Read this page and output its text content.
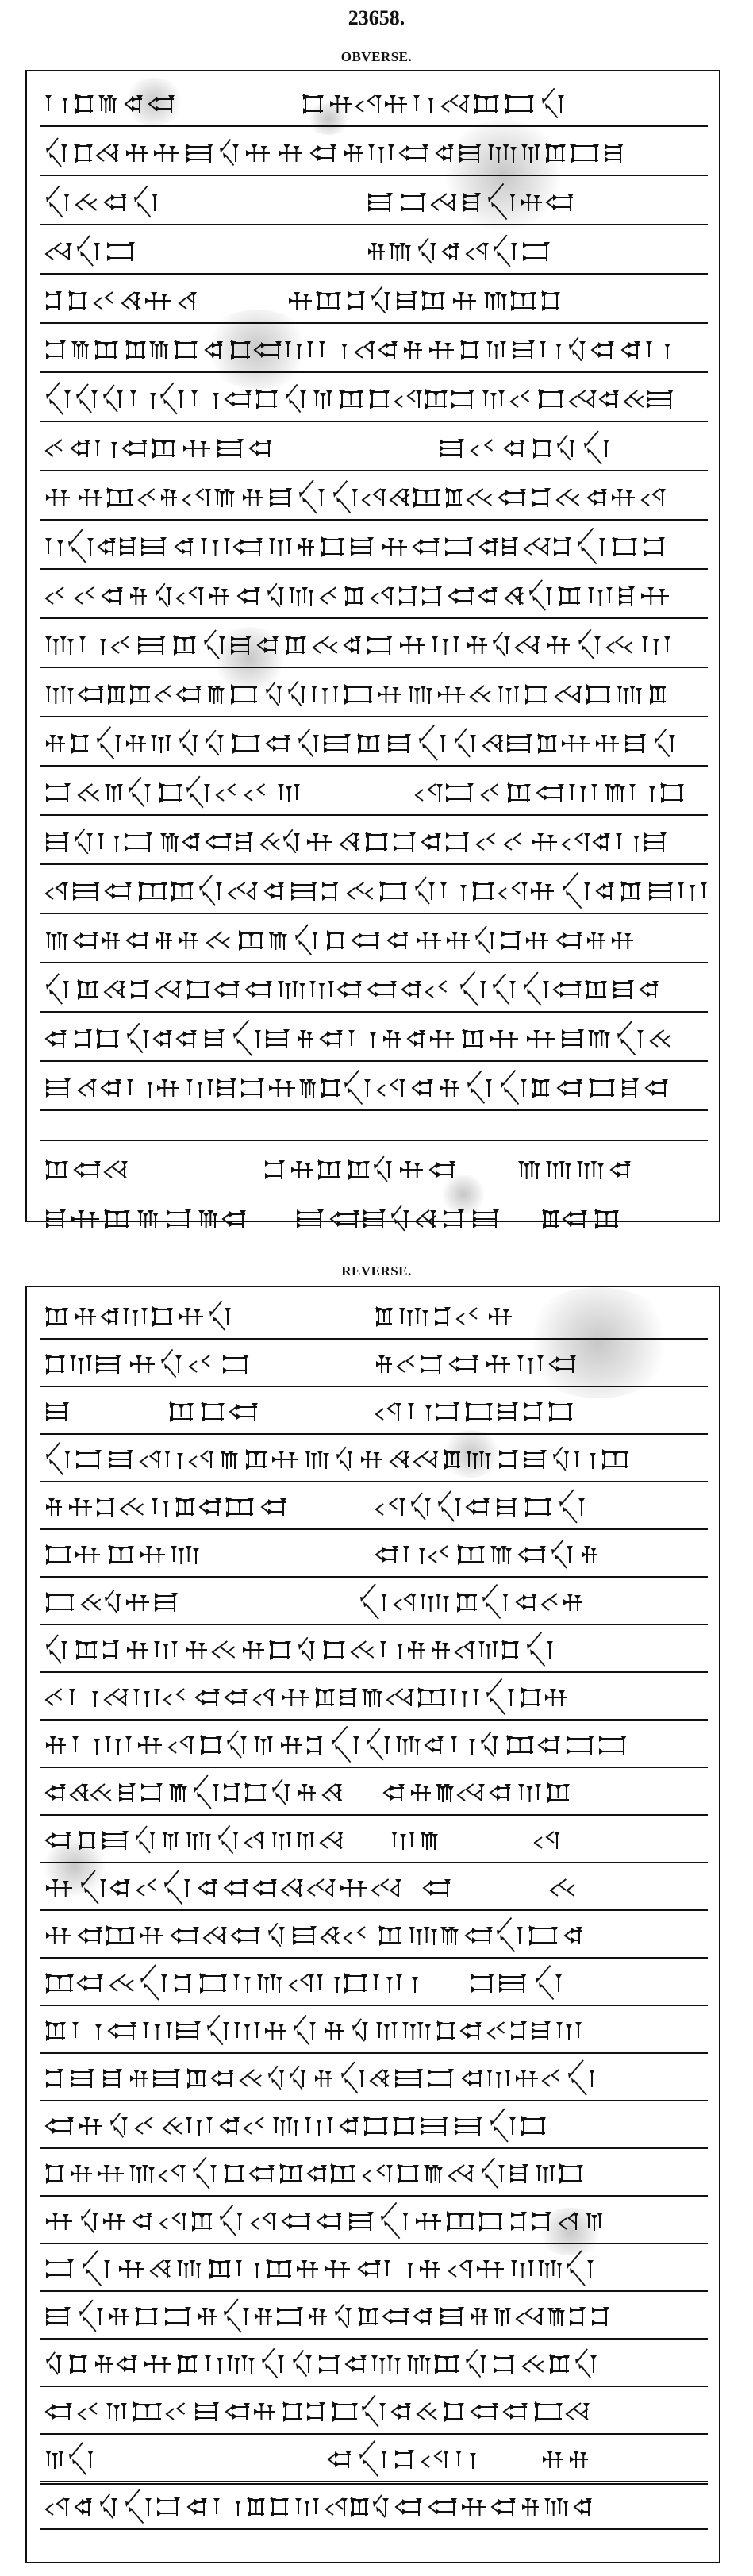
23658.
OBVERSE.
REVERSE.
